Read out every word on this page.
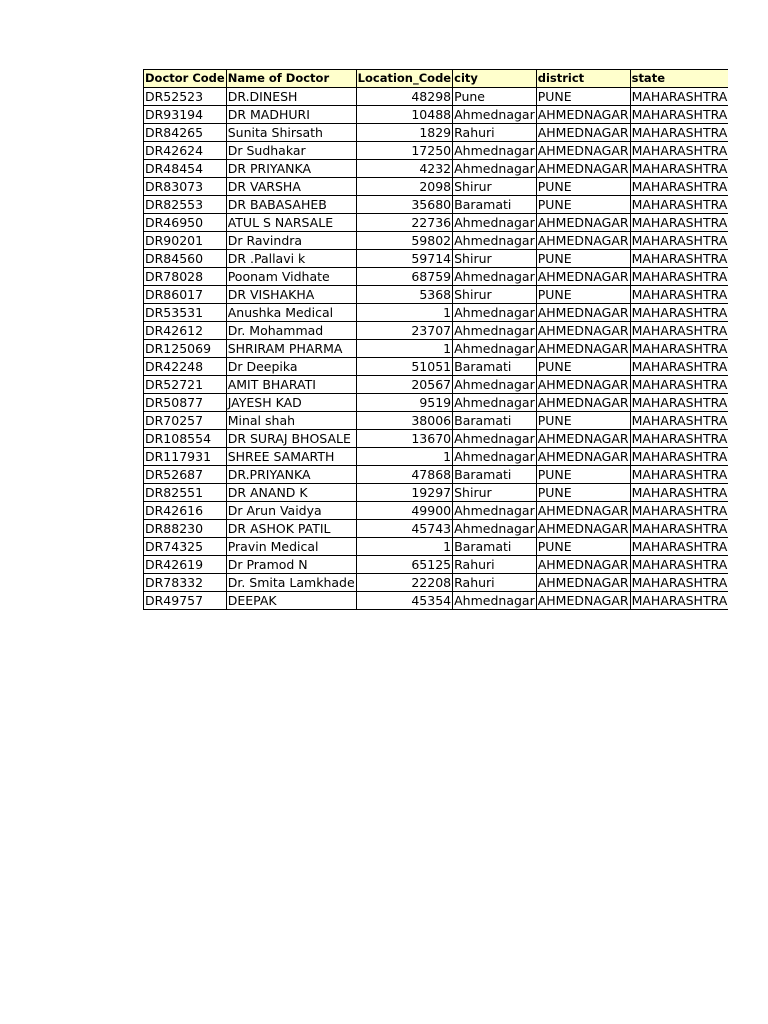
Doctor Code	Name of Doctor	Location_Code	city	district	state
DR52523	DR.DINESH	48298	Pune	PUNE	MAHARASHTRA
DR93194	DR MADHURI	10488	Ahmednagar	AHMEDNAGAR	MAHARASHTRA
DR84265	Sunita Shirsath	1829	Rahuri	AHMEDNAGAR	MAHARASHTRA
DR42624	Dr Sudhakar	17250	Ahmednagar	AHMEDNAGAR	MAHARASHTRA
DR48454	DR PRIYANKA	4232	Ahmednagar	AHMEDNAGAR	MAHARASHTRA
DR83073	DR VARSHA	2098	Shirur	PUNE	MAHARASHTRA
DR82553	DR BABASAHEB	35680	Baramati	PUNE	MAHARASHTRA
DR46950	ATUL S NARSALE	22736	Ahmednagar	AHMEDNAGAR	MAHARASHTRA
DR90201	Dr Ravindra	59802	Ahmednagar	AHMEDNAGAR	MAHARASHTRA
DR84560	DR .Pallavi k	59714	Shirur	PUNE	MAHARASHTRA
DR78028	Poonam Vidhate	68759	Ahmednagar	AHMEDNAGAR	MAHARASHTRA
DR86017	DR VISHAKHA	5368	Shirur	PUNE	MAHARASHTRA
DR53531	Anushka Medical	1	Ahmednagar	AHMEDNAGAR	MAHARASHTRA
DR42612	Dr. Mohammad	23707	Ahmednagar	AHMEDNAGAR	MAHARASHTRA
DR125069	SHRIRAM PHARMA	1	Ahmednagar	AHMEDNAGAR	MAHARASHTRA
DR42248	Dr Deepika	51051	Baramati	PUNE	MAHARASHTRA
DR52721	AMIT BHARATI	20567	Ahmednagar	AHMEDNAGAR	MAHARASHTRA
DR50877	JAYESH KAD	9519	Ahmednagar	AHMEDNAGAR	MAHARASHTRA
DR70257	Minal shah	38006	Baramati	PUNE	MAHARASHTRA
DR108554	DR SURAJ BHOSALE	13670	Ahmednagar	AHMEDNAGAR	MAHARASHTRA
DR117931	SHREE SAMARTH	1	Ahmednagar	AHMEDNAGAR	MAHARASHTRA
DR52687	DR.PRIYANKA	47868	Baramati	PUNE	MAHARASHTRA
DR82551	DR ANAND K	19297	Shirur	PUNE	MAHARASHTRA
DR42616	Dr Arun Vaidya	49900	Ahmednagar	AHMEDNAGAR	MAHARASHTRA
DR88230	DR ASHOK PATIL	45743	Ahmednagar	AHMEDNAGAR	MAHARASHTRA
DR74325	Pravin Medical	1	Baramati	PUNE	MAHARASHTRA
DR42619	Dr Pramod N	65125	Rahuri	AHMEDNAGAR	MAHARASHTRA
DR78332	Dr. Smita Lamkhade	22208	Rahuri	AHMEDNAGAR	MAHARASHTRA
DR49757	DEEPAK	45354	Ahmednagar	AHMEDNAGAR	MAHARASHTRA
